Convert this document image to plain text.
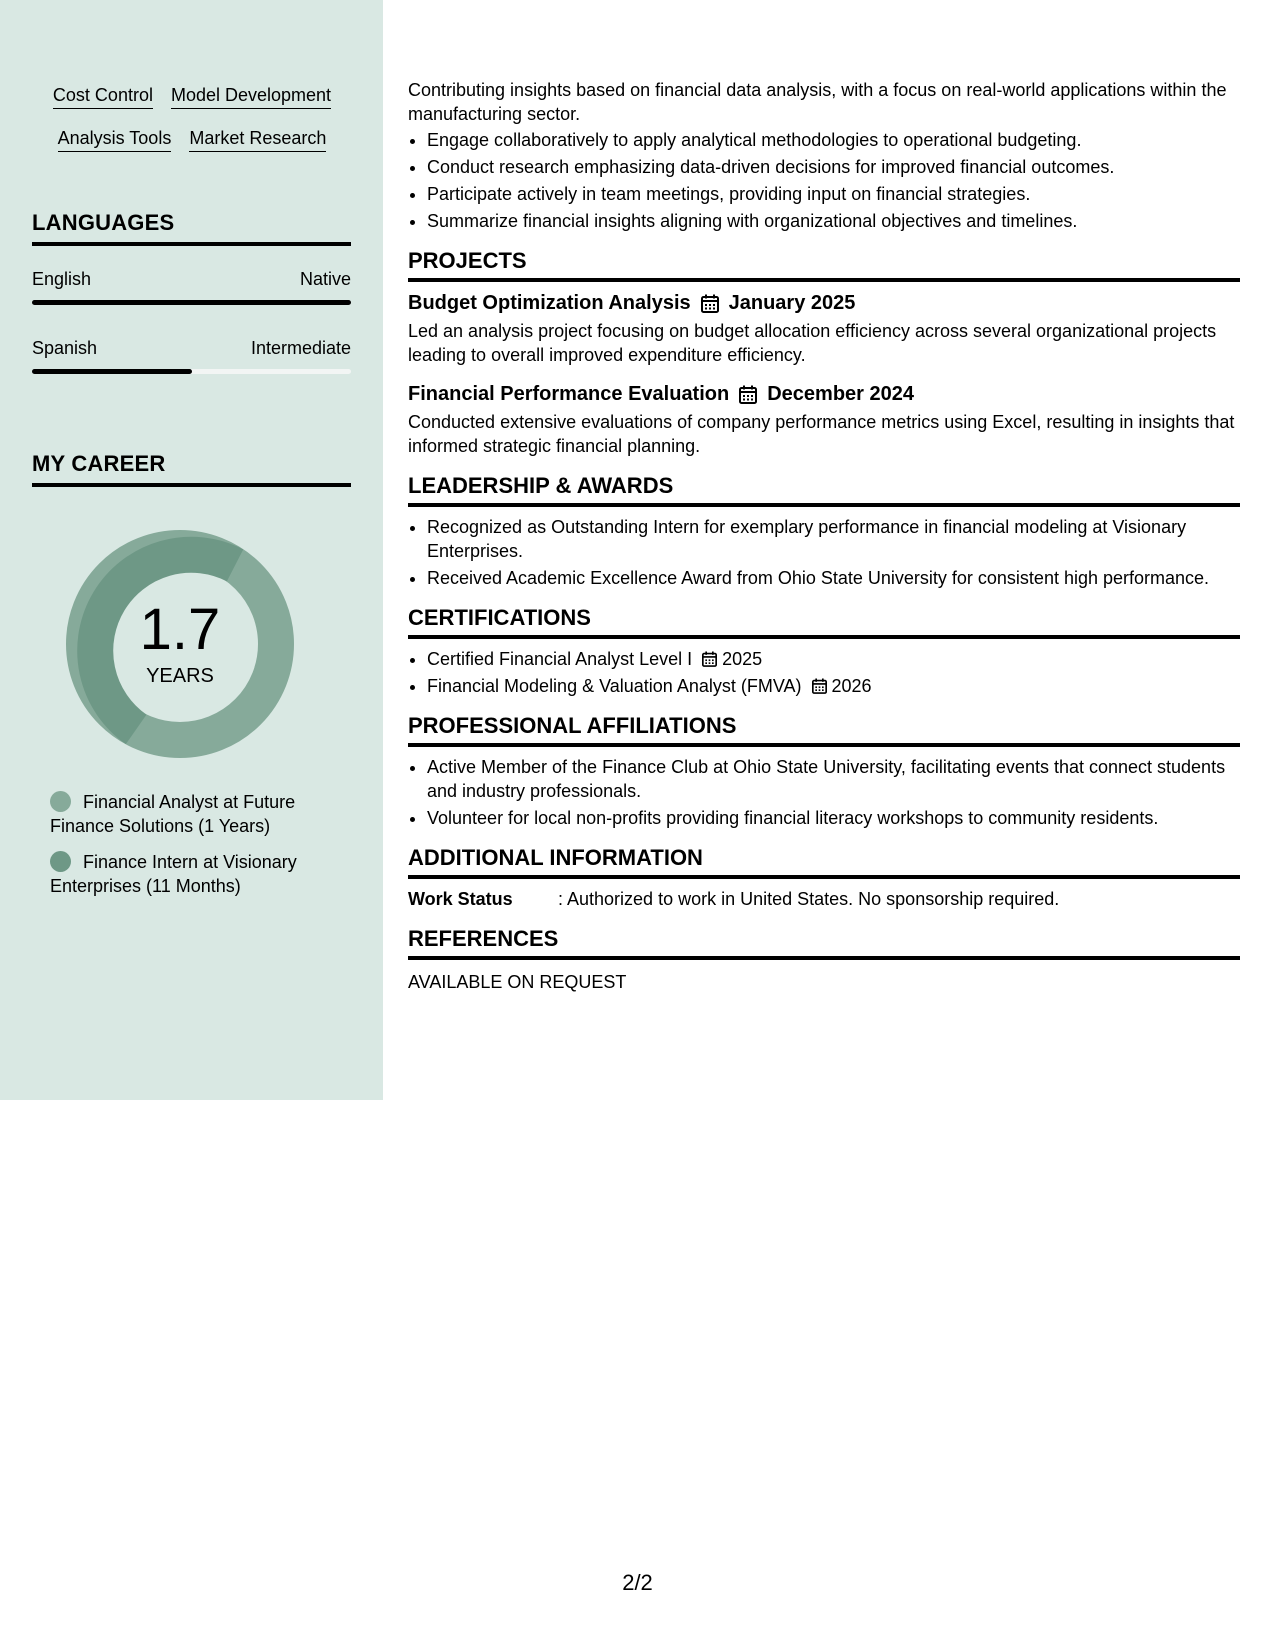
Cost Control Model Development
Analysis Tools Market Research
LANGUAGES
English	Native
Spanish	Intermediate
MY CAREER
1.7
YEARS
Financial Analyst at Future Finance Solutions (1 Years)
Finance Intern at Visionary Enterprises (11 Months)

Contributing insights based on financial data analysis, with a focus on real-world applications within the manufacturing sector.

• Engage collaboratively to apply analytical methodologies to operational budgeting.
• Conduct research emphasizing data-driven decisions for improved financial outcomes.
• Participate actively in team meetings, providing input on financial strategies.
• Summarize financial insights aligning with organizational objectives and timelines.
PROJECTS
Budget Optimization Analysis January 2025

Led an analysis project focusing on budget allocation efficiency across several organizational projects leading to overall improved expenditure efficiency.

Financial Performance Evaluation December 2024

Conducted extensive evaluations of company performance metrics using Excel, resulting in insights that informed strategic financial planning.

LEADERSHIP & AWARDS
• Recognized as Outstanding Intern for exemplary performance in financial modeling at Visionary Enterprises.
• Received Academic Excellence Award from Ohio State University for consistent high performance.
CERTIFICATIONS
• Certified Financial Analyst Level I 2025
• Financial Modeling & Valuation Analyst (FMVA) 2026
PROFESSIONAL AFFILIATIONS
• Active Member of the Finance Club at Ohio State University, facilitating events that connect students and industry professionals.
• Volunteer for local non-profits providing financial literacy workshops to community residents.
ADDITIONAL INFORMATION
Work Status	: Authorized to work in United States. No sponsorship required.
REFERENCES
AVAILABLE ON REQUEST
2/2
